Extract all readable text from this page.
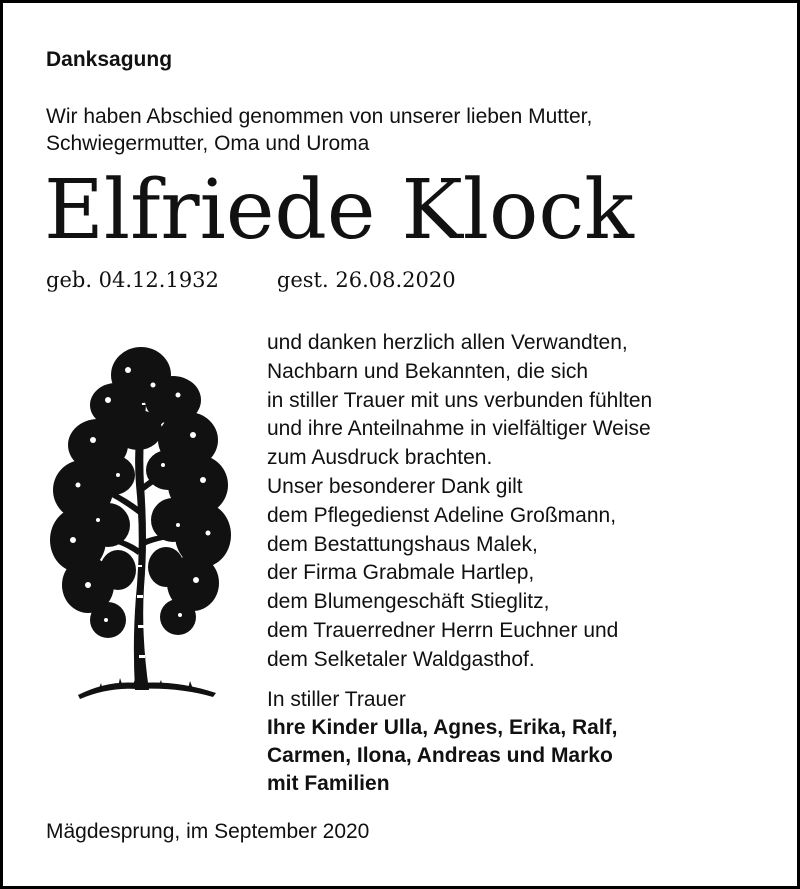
Danksagung
Wir haben Abschied genommen von unserer lieben Mutter,
Schwiegermutter, Oma und Uroma
Elfriede Klock
geb. 04.12.1932	gest. 26.08.2020
und danken herzlich allen Verwandten,
Nachbarn und Bekannten, die sich
in stiller Trauer mit uns verbunden fühlten
und ihre Anteilnahme in vielfältiger Weise
zum Ausdruck brachten.
Unser besonderer Dank gilt
dem Pflegedienst Adeline Großmann,
dem Bestattungshaus Malek,
der Firma Grabmale Hartlep,
dem Blumengeschäft Stieglitz,
dem Trauerredner Herrn Euchner und
dem Selketaler Waldgasthof.
In stiller Trauer
Ihre Kinder Ulla, Agnes, Erika, Ralf,
Carmen, Ilona, Andreas und Marko
mit Familien
Mägdesprung, im September 2020
